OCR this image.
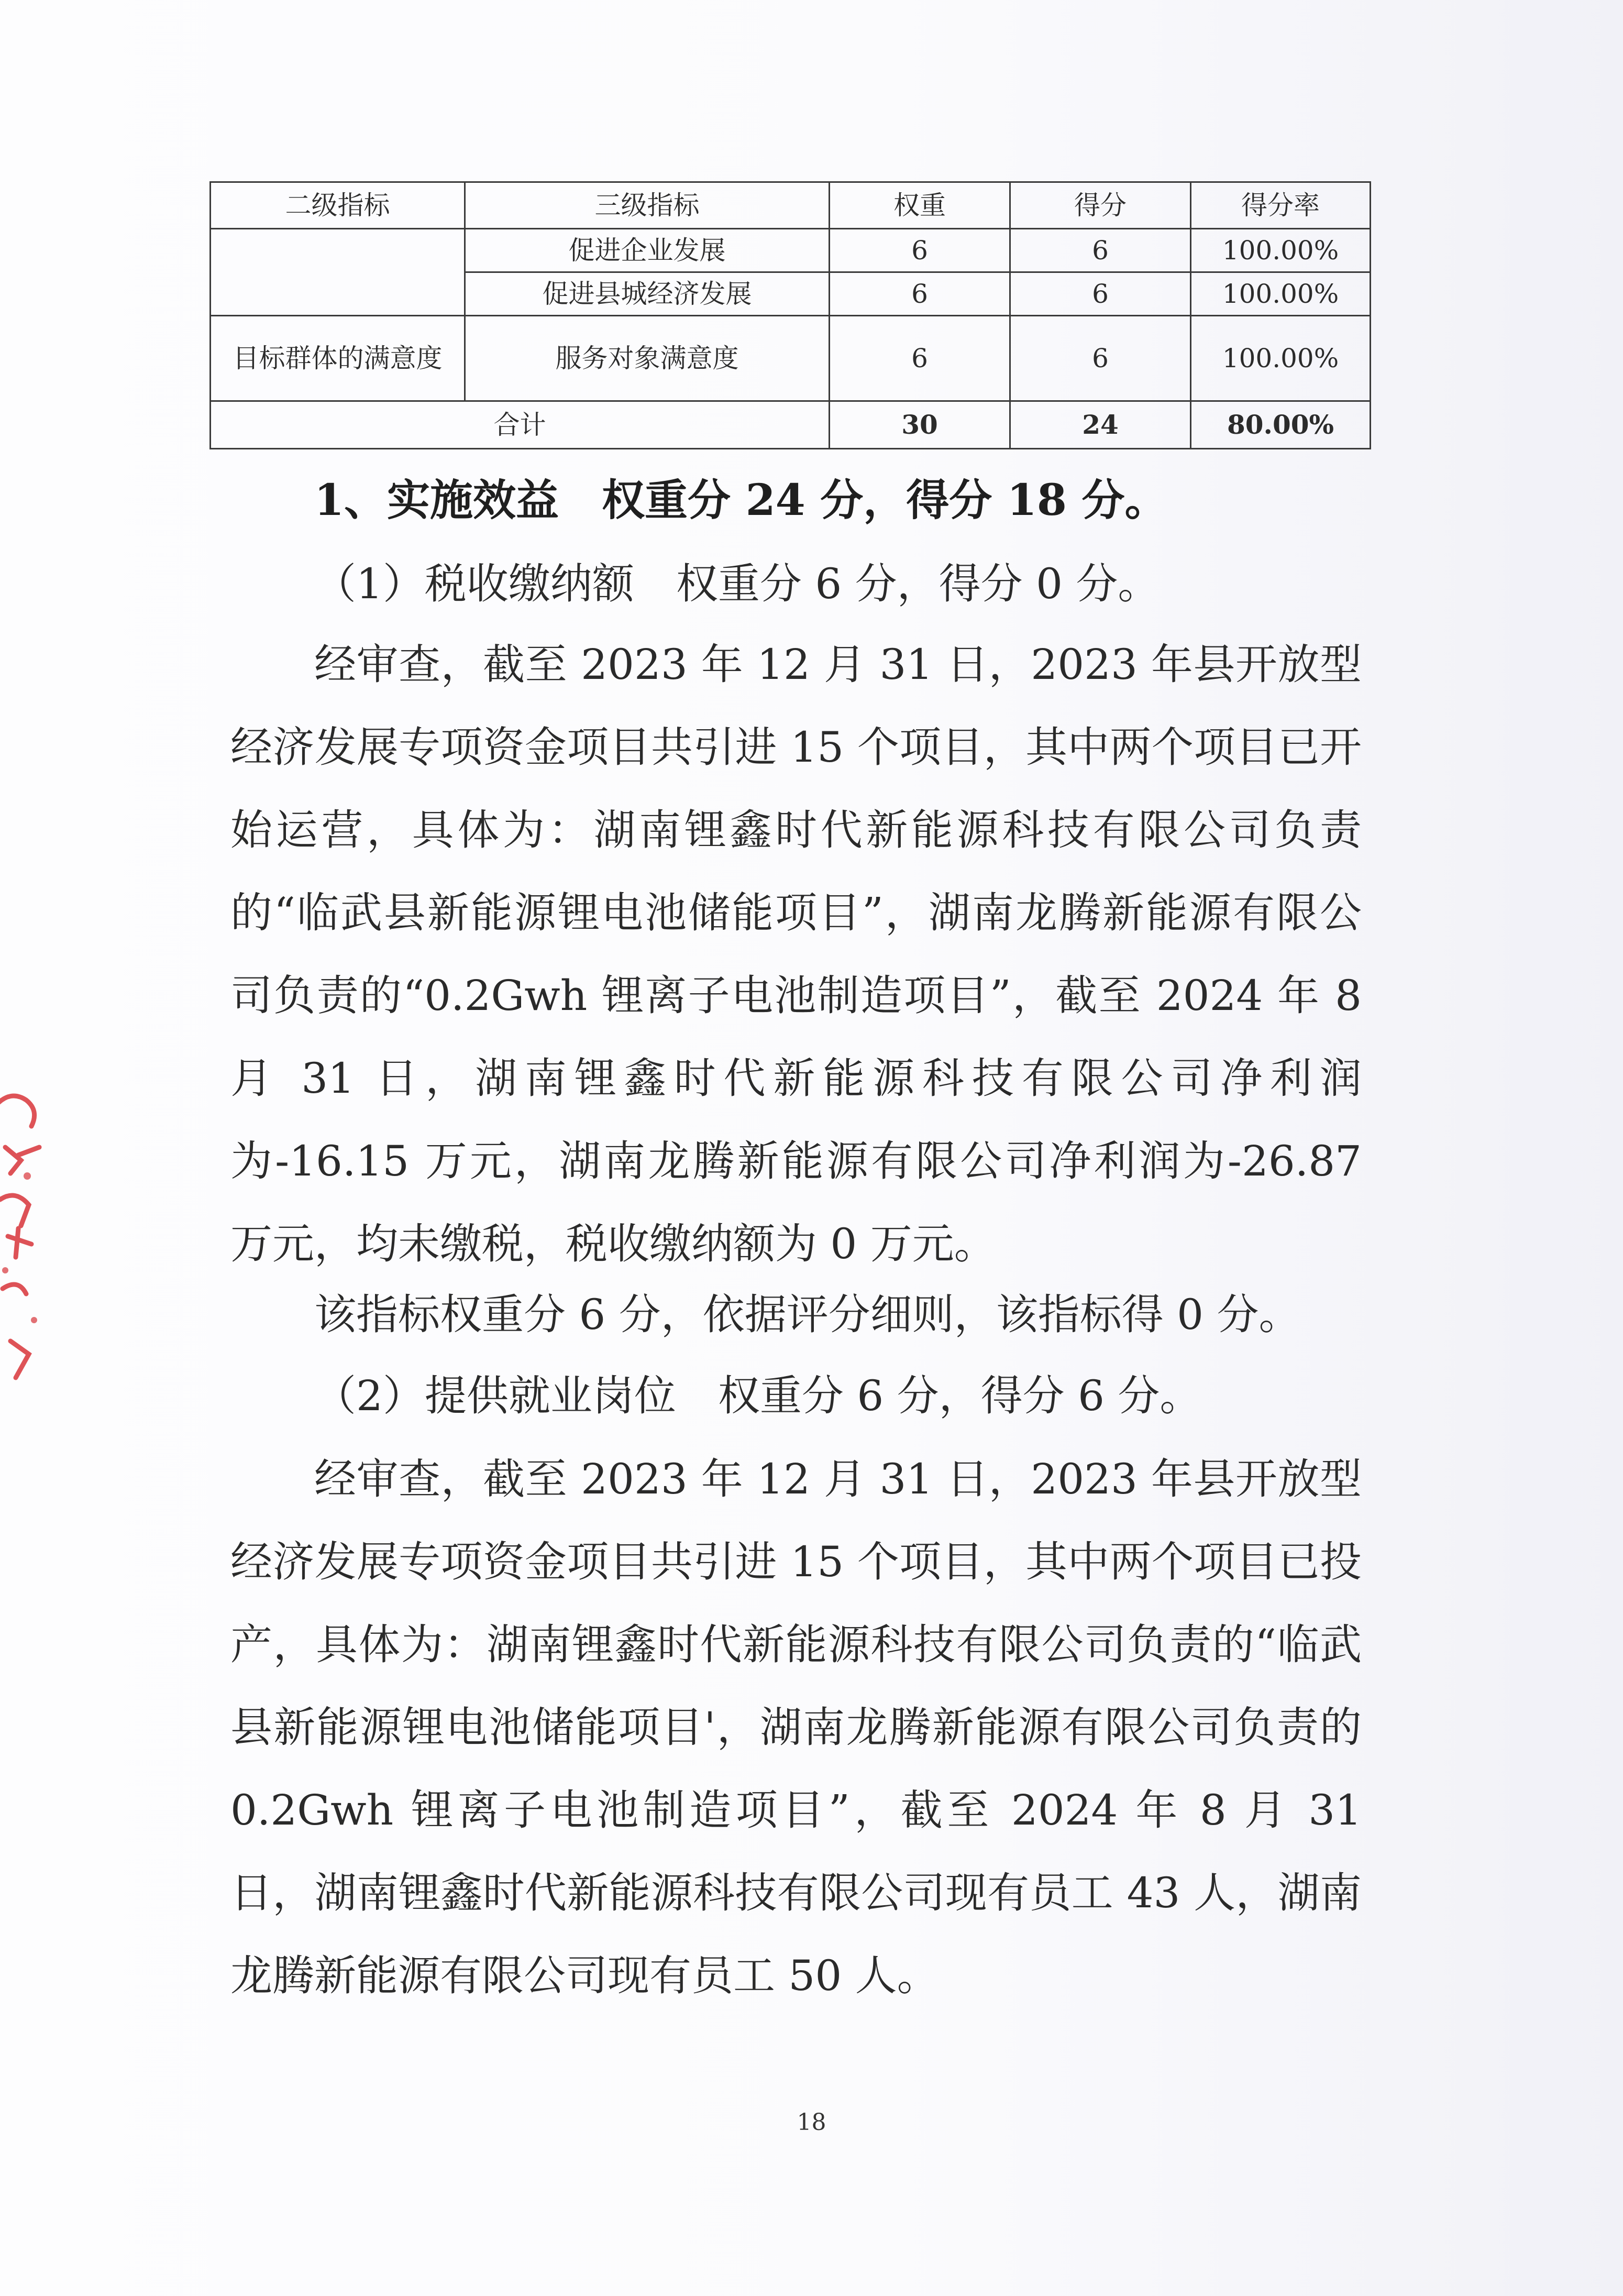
二级指标	三级指标	权重	得分	得分率
	促进企业发展	6	6	100.00%
	促进县城经济发展	6	6	100.00%
目标群体的满意度	服务对象满意度	6	6	100.00%
合计		30	24	80.00%
1、实施效益　权重分 24 分，得分 18 分。
（1）税收缴纳额　权重分 6 分，得分 0 分。

经审查，截至 2023 年 12 月 31 日，2023 年县开放型经济发展专项资金项目共引进 15 个项目，其中两个项目已开始运营，具体为：湖南锂鑫时代新能源科技有限公司负责的“临武县新能源锂电池储能项目”，湖南龙腾新能源有限公司负责的“0.2Gwh 锂离子电池制造项目”，截至 2024 年 8 月 31 日，湖南锂鑫时代新能源科技有限公司净利润为-16.15 万元，湖南龙腾新能源有限公司净利润为-26.87 万元，均未缴税，税收缴纳额为 0 万元。

该指标权重分 6 分，依据评分细则，该指标得 0 分。
（2）提供就业岗位　权重分 6 分，得分 6 分。

经审查，截至 2023 年 12 月 31 日，2023 年县开放型经济发展专项资金项目共引进 15 个项目，其中两个项目已投产，具体为：湖南锂鑫时代新能源科技有限公司负责的“临武县新能源锂电池储能项目'，湖南龙腾新能源有限公司负责的 0.2Gwh 锂离子电池制造项目”，截至 2024 年 8 月 31 日，湖南锂鑫时代新能源科技有限公司现有员工 43 人，湖南龙腾新能源有限公司现有员工 50 人。

18
